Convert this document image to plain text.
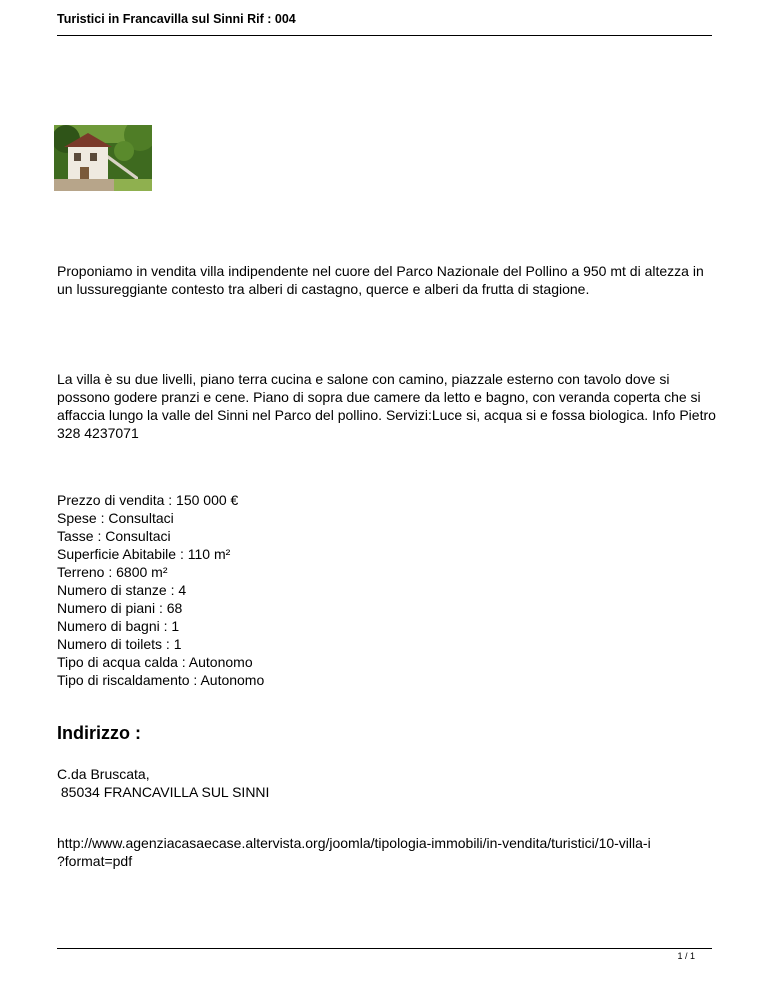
Turistici in Francavilla sul Sinni Rif : 004
Proponiamo in vendita villa indipendente nel cuore del Parco Nazionale del Pollino a 950 mt di altezza in un lussureggiante contesto tra alberi di castagno, querce e alberi da frutta di stagione.
La villa è su due livelli, piano terra cucina e salone con camino, piazzale esterno con tavolo dove si possono godere pranzi e cene. Piano di sopra due camere da letto e bagno, con veranda coperta che si affaccia lungo la valle del Sinni nel Parco del pollino. Servizi:Luce si, acqua si e fossa biologica. Info Pietro 328 4237071
Prezzo di vendita : 150 000 €
Spese : Consultaci
Tasse : Consultaci
Superficie Abitabile : 110 m²
Terreno : 6800 m²
Numero di stanze : 4
Numero di piani : 68
Numero di bagni : 1
Numero di toilets : 1
Tipo di acqua calda : Autonomo
Tipo di riscaldamento : Autonomo
Indirizzo :
C.da Bruscata,
85034 FRANCAVILLA SUL SINNI
http://www.agenziacasaecase.altervista.org/joomla/tipologia-immobili/in-vendita/turistici/10-villa-i
?format=pdf
1 / 1
